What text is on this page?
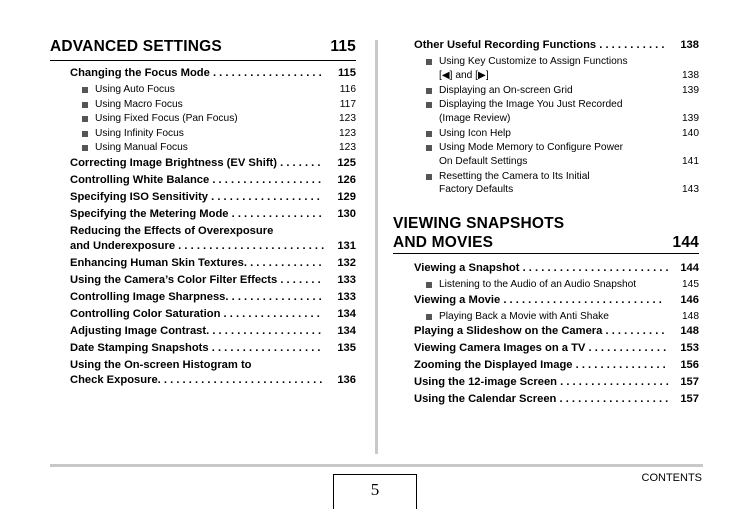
ADVANCED SETTINGS	115
Changing the Focus Mode . . . . . . . . . . . . . . . . . .	115
Using Auto Focus	116
Using Macro Focus	117
Using Fixed Focus (Pan Focus)	123
Using Infinity Focus	123
Using Manual Focus	123
Correcting Image Brightness (EV Shift) . . . . . . .	125
Controlling White Balance . . . . . . . . . . . . . . . . . .	126
Specifying ISO Sensitivity . . . . . . . . . . . . . . . . . .	129
Specifying the Metering Mode . . . . . . . . . . . . . . .	130
Reducing the Effects of Overexposure
and Underexposure . . . . . . . . . . . . . . . . . . . . . . . .	131
Enhancing Human Skin Textures. . . . . . . . . . . . .	132
Using the Camera’s Color Filter Effects . . . . . . .	133
Controlling Image Sharpness. . . . . . . . . . . . . . . .	133
Controlling Color Saturation . . . . . . . . . . . . . . . .	134
Adjusting Image Contrast. . . . . . . . . . . . . . . . . . .	134
Date Stamping Snapshots . . . . . . . . . . . . . . . . . .	135
Using the On-screen Histogram to
Check Exposure. . . . . . . . . . . . . . . . . . . . . . . . . . .	136
Other Useful Recording Functions . . . . . . . . . . .	138
Using Key Customize to Assign Functions
[◀] and [▶]	138
Displaying an On-screen Grid	139
Displaying the Image You Just Recorded
(Image Review)	139
Using Icon Help	140
Using Mode Memory to Configure Power
On Default Settings	141
Resetting the Camera to Its Initial
Factory Defaults	143
VIEWING SNAPSHOTS
AND MOVIES	144
Viewing a Snapshot . . . . . . . . . . . . . . . . . . . . . . . .	144
Listening to the Audio of an Audio Snapshot	145
Viewing a Movie . . . . . . . . . . . . . . . . . . . . . . . . . .	146
Playing Back a Movie with Anti Shake	148
Playing a Slideshow on the Camera . . . . . . . . . .	148
Viewing Camera Images on a TV . . . . . . . . . . . . .	153
Zooming the Displayed Image . . . . . . . . . . . . . . .	156
Using the 12-image Screen . . . . . . . . . . . . . . . . . .	157
Using the Calendar Screen . . . . . . . . . . . . . . . . . .	157
5
CONTENTS
